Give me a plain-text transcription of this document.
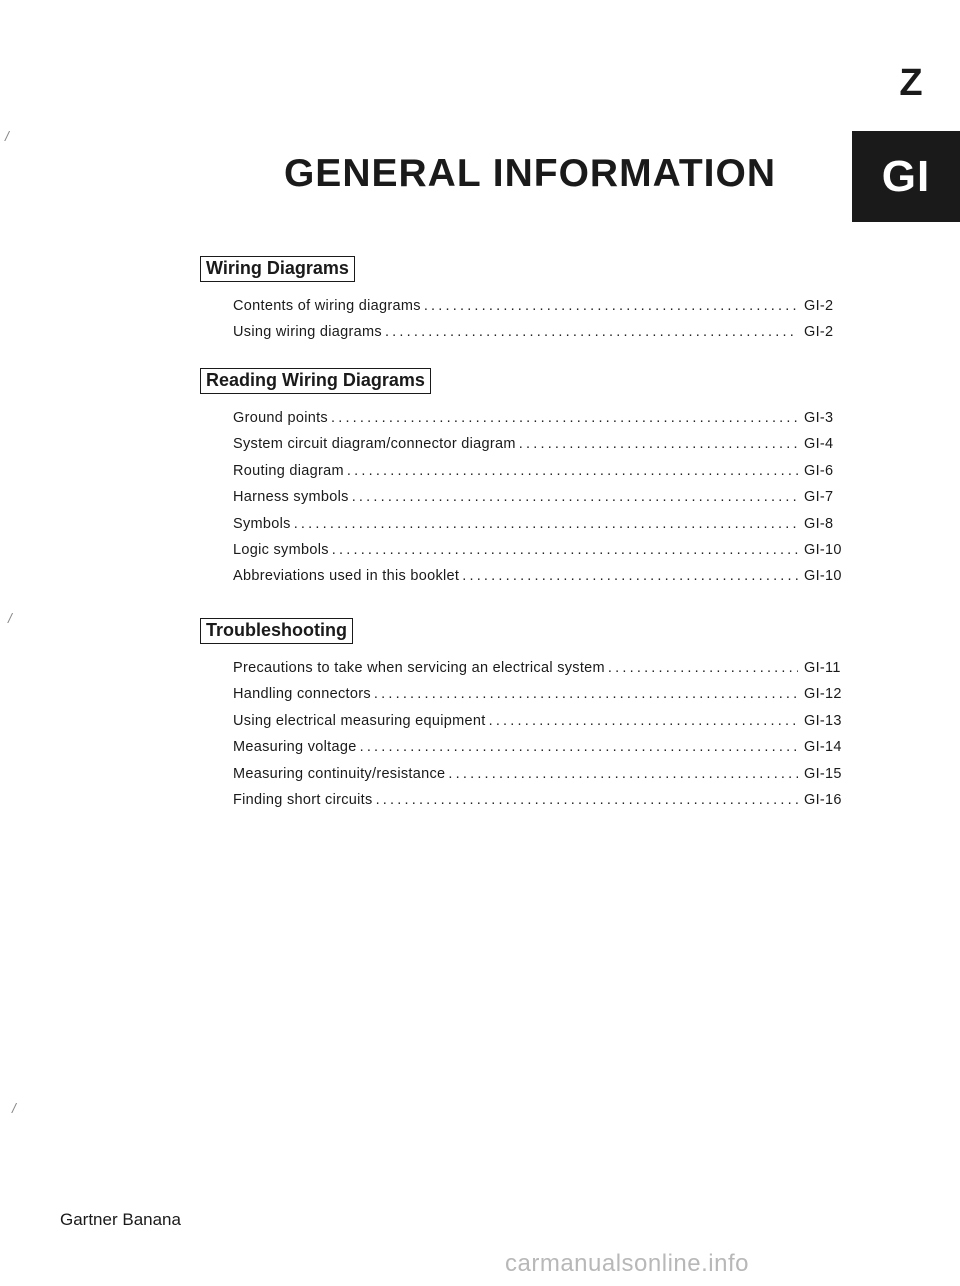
Z
GI
GENERAL INFORMATION
/
/
/
Wiring Diagrams
Contents of wiring diagrams .....	GI-2
Using wiring diagrams .....	GI-2
Reading Wiring Diagrams
Ground points .....	GI-3
System circuit diagram/connector diagram .....	GI-4
Routing diagram .....	GI-6
Harness symbols .....	GI-7
Symbols .....	GI-8
Logic symbols .....	GI-10
Abbreviations used in this booklet .....	GI-10
Troubleshooting
Precautions to take when servicing an electrical system .....	GI-11
Handling connectors .....	GI-12
Using electrical measuring equipment .....	GI-13
Measuring voltage .....	GI-14
Measuring continuity/resistance .....	GI-15
Finding short circuits .....	GI-16
Gartner Banana
carmanualsonline.info
